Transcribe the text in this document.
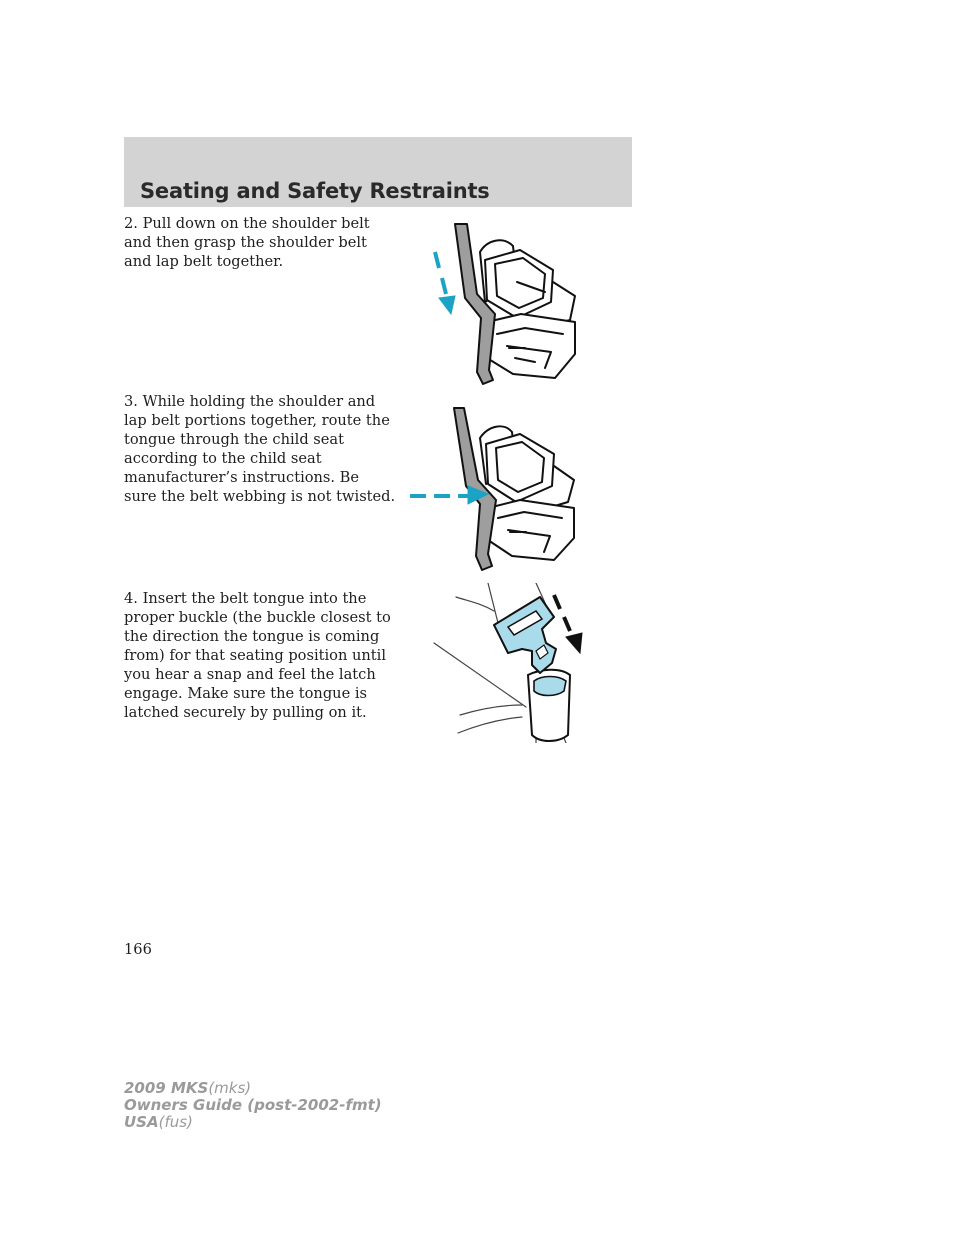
Seating and Safety Restraints

2. Pull down on the shoulder belt and then grasp the shoulder belt and lap belt together.

3. While holding the shoulder and lap belt portions together, route the tongue through the child seat according to the child seat manufacturer’s instructions. Be sure the belt webbing is not twisted.

4. Insert the belt tongue into the proper buckle (the buckle closest to the direction the tongue is coming from) for that seating position until you hear a snap and feel the latch engage. Make sure the tongue is latched securely by pulling on it.

166

2009 MKS(mks)
Owners Guide (post-2002-fmt)
USA(fus)
